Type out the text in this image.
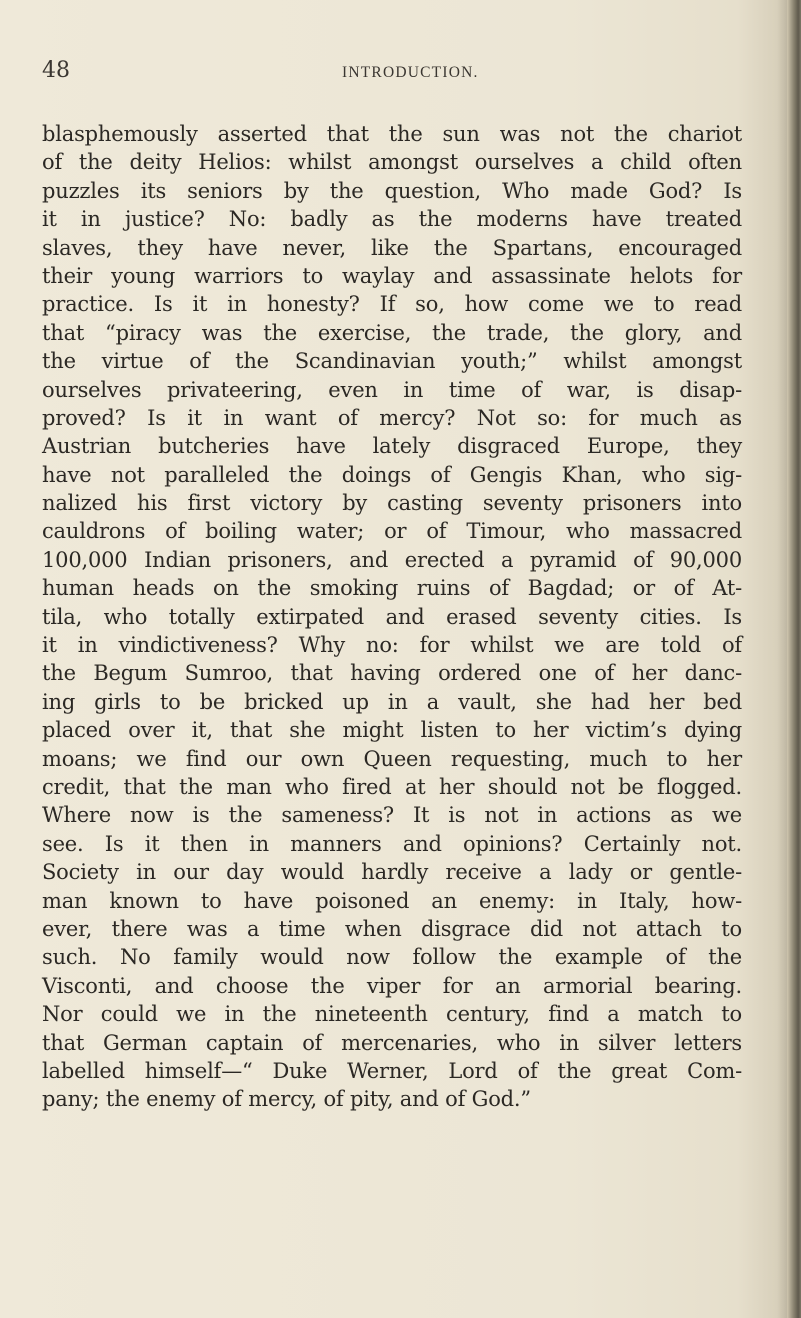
48	INTRODUCTION.
blasphemously asserted that the sun was not the chariot
of the deity Helios: whilst amongst ourselves a child often
puzzles its seniors by the question, Who made God? Is
it in justice? No: badly as the moderns have treated
slaves, they have never, like the Spartans, encouraged
their young warriors to waylay and assassinate helots for
practice. Is it in honesty? If so, how come we to read
that “piracy was the exercise, the trade, the glory, and
the virtue of the Scandinavian youth;” whilst amongst
ourselves privateering, even in time of war, is disap-
proved? Is it in want of mercy? Not so: for much as
Austrian butcheries have lately disgraced Europe, they
have not paralleled the doings of Gengis Khan, who sig-
nalized his first victory by casting seventy prisoners into
cauldrons of boiling water; or of Timour, who massacred
100,000 Indian prisoners, and erected a pyramid of 90,000
human heads on the smoking ruins of Bagdad; or of At-
tila, who totally extirpated and erased seventy cities. Is
it in vindictiveness? Why no: for whilst we are told of
the Begum Sumroo, that having ordered one of her danc-
ing girls to be bricked up in a vault, she had her bed
placed over it, that she might listen to her victim’s dying
moans; we find our own Queen requesting, much to her
credit, that the man who fired at her should not be flogged.
Where now is the sameness? It is not in actions as we
see. Is it then in manners and opinions? Certainly not.
Society in our day would hardly receive a lady or gentle-
man known to have poisoned an enemy: in Italy, how-
ever, there was a time when disgrace did not attach to
such. No family would now follow the example of the
Visconti, and choose the viper for an armorial bearing.
Nor could we in the nineteenth century, find a match to
that German captain of mercenaries, who in silver letters
labelled himself—“ Duke Werner, Lord of the great Com-
pany; the enemy of mercy, of pity, and of God.”
